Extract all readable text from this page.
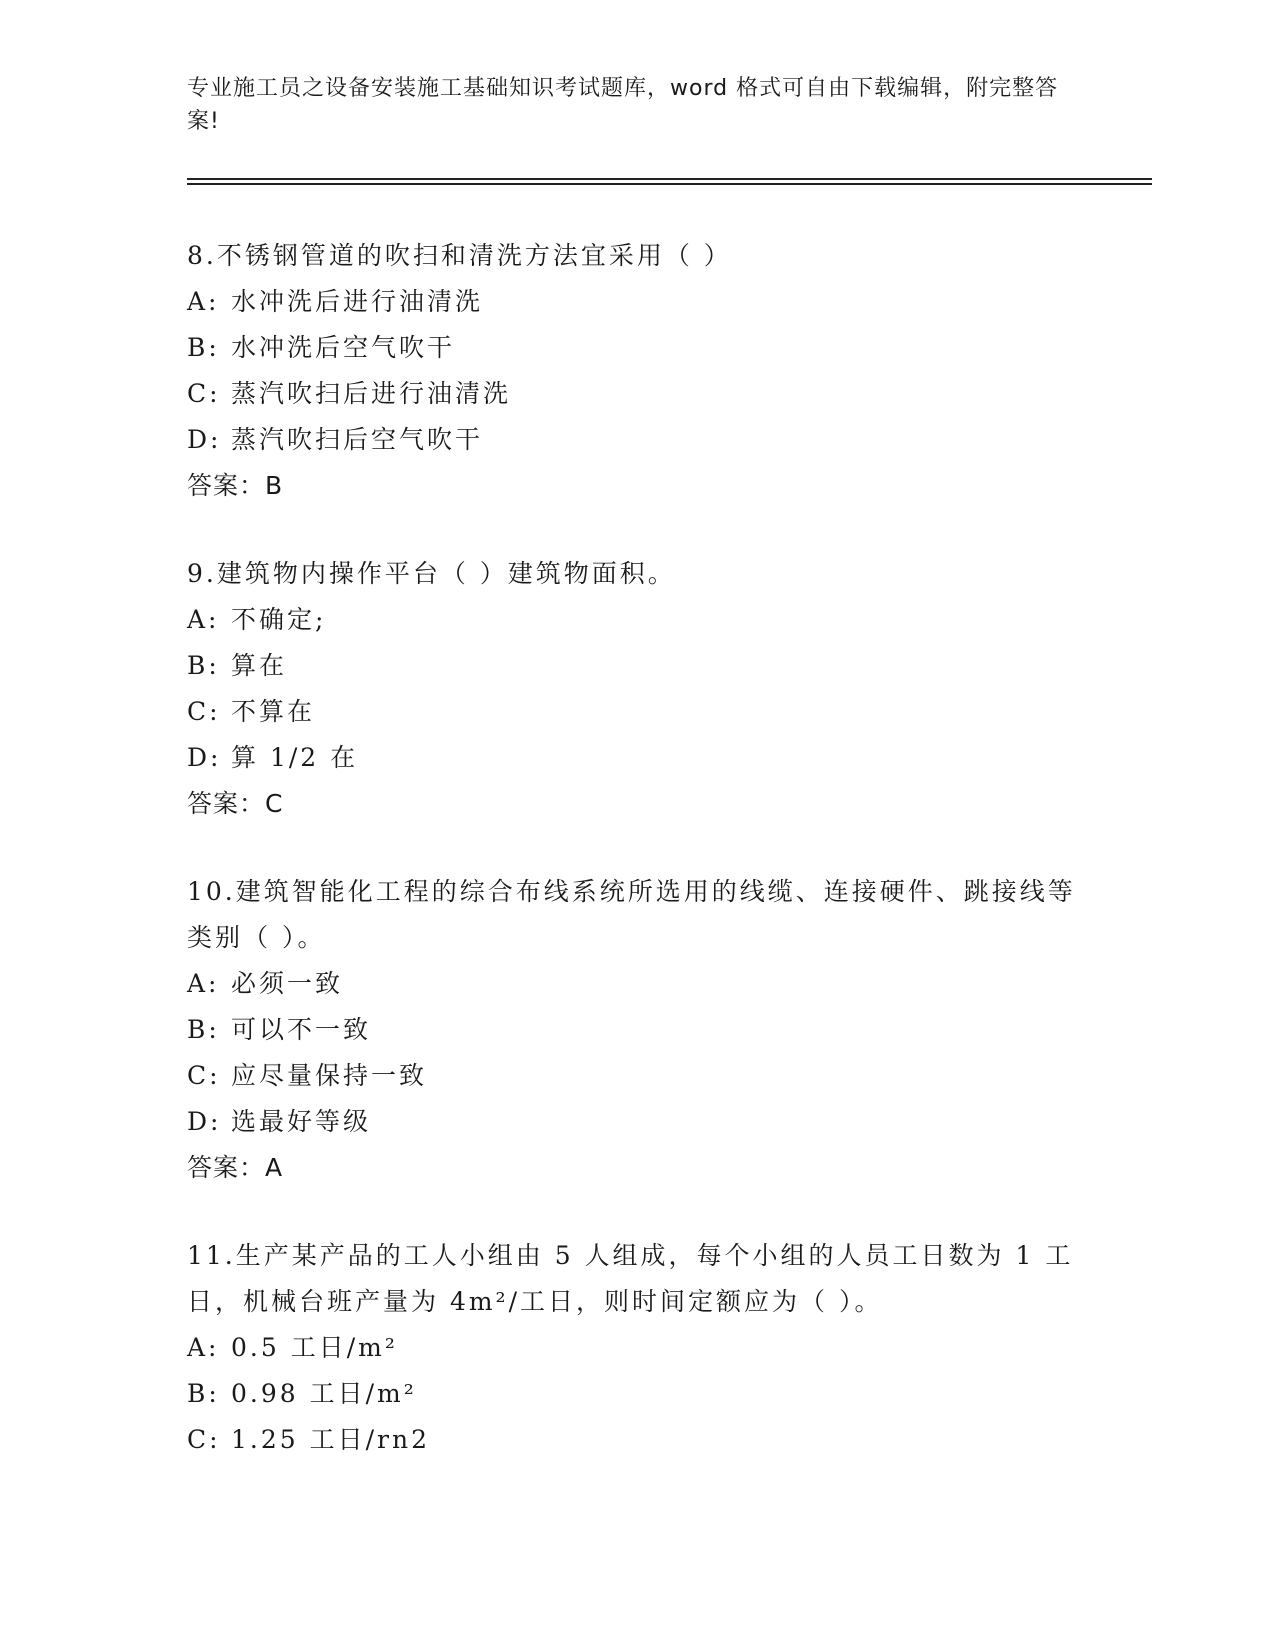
专业施工员之设备安装施工基础知识考试题库，word 格式可自由下载编辑，附完整答案!
8.不锈钢管道的吹扫和清洗方法宜采用（ ）
A: 水冲洗后进行油清洗
B: 水冲洗后空气吹干
C: 蒸汽吹扫后进行油清洗
D: 蒸汽吹扫后空气吹干
答案：B
9.建筑物内操作平台（ ）建筑物面积。
A: 不确定;
B: 算在
C: 不算在
D: 算 1/2 在
答案：C
10.建筑智能化工程的综合布线系统所选用的线缆、连接硬件、跳接线等类别（ ）。
A: 必须一致
B: 可以不一致
C: 应尽量保持一致
D: 选最好等级
答案：A
11.生产某产品的工人小组由 5 人组成，每个小组的人员工日数为 1 工日，机械台班产量为 4m²/工日，则时间定额应为（ ）。
A: 0.5 工日/m²
B: 0.98 工日/m²
C: 1.25 工日/rn2
